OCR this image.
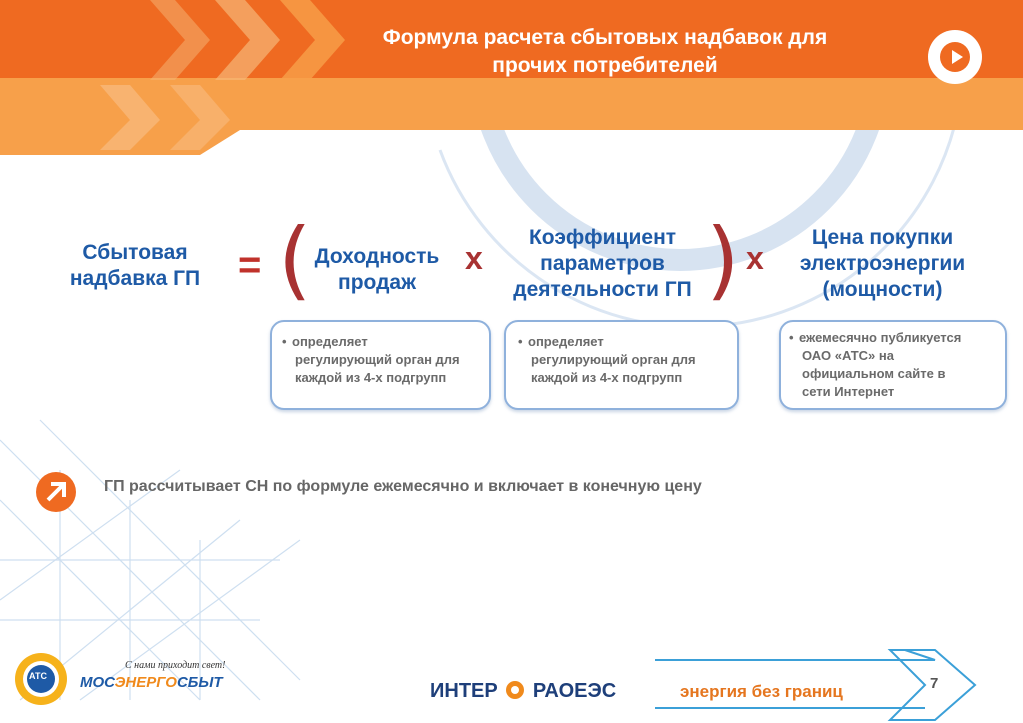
Формула расчета сбытовых надбавок для
прочих потребителей
Сбытовая
надбавка ГП = ( Доходность
продаж
x
Коэффициент
параметров
деятельности ГП ) x
Цена покупки
электроэнергии
(мощности)
• определяет
регулирующий орган для
каждой из 4-х подгрупп
• определяет
регулирующий орган для
каждой из 4-х подгрупп
• ежемесячно публикуется
ОАО «АТС» на
официальном сайте в
сети Интернет
ГП рассчитывает СН по формуле ежемесячно и включает в конечную цену
АТС
С нами приходит свет!
МОСЭНЕРГОСБЫТ	ИНТЕР РАОЕЭС	энергия без границ	7
